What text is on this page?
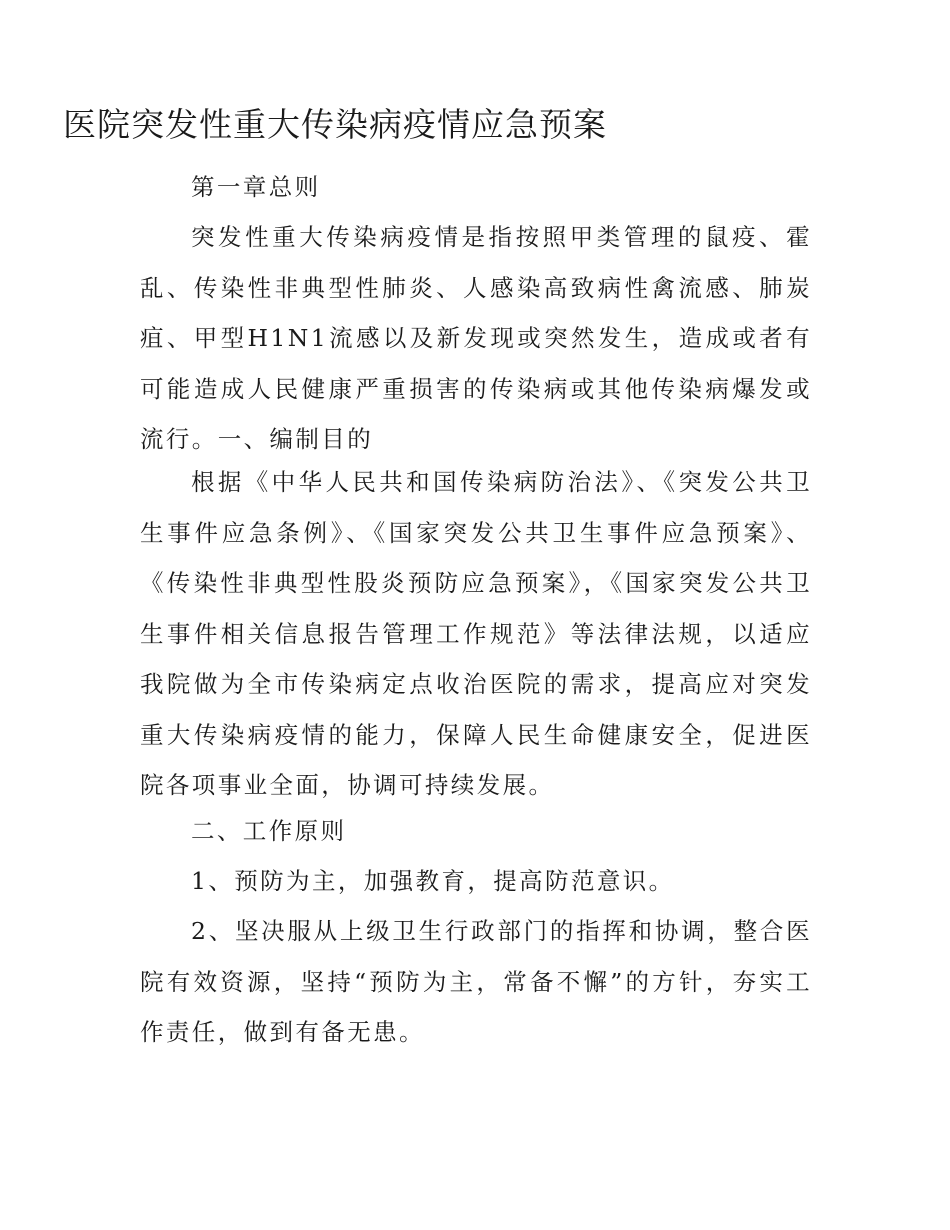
医院突发性重大传染病疫情应急预案

第一章总则

突发性重大传染病疫情是指按照甲类管理的鼠疫、霍乱、传染性非典型性肺炎、人感染高致病性禽流感、肺炭疽、甲型H1N1流感以及新发现或突然发生，造成或者有可能造成人民健康严重损害的传染病或其他传染病爆发或流行。一、编制目的

根据《中华人民共和国传染病防治法》、《突发公共卫生事件应急条例》、《国家突发公共卫生事件应急预案》、《传染性非典型性股炎预防应急预案》，《国家突发公共卫生事件相关信息报告管理工作规范》等法律法规，以适应我院做为全市传染病定点收治医院的需求，提高应对突发重大传染病疫情的能力，保障人民生命健康安全，促进医院各项事业全面，协调可持续发展。

二、工作原则

1、预防为主，加强教育，提高防范意识。

2、坚决服从上级卫生行政部门的指挥和协调，整合医院有效资源，坚持“预防为主，常备不懈”的方针，夯实工作责任，做到有备无患。
